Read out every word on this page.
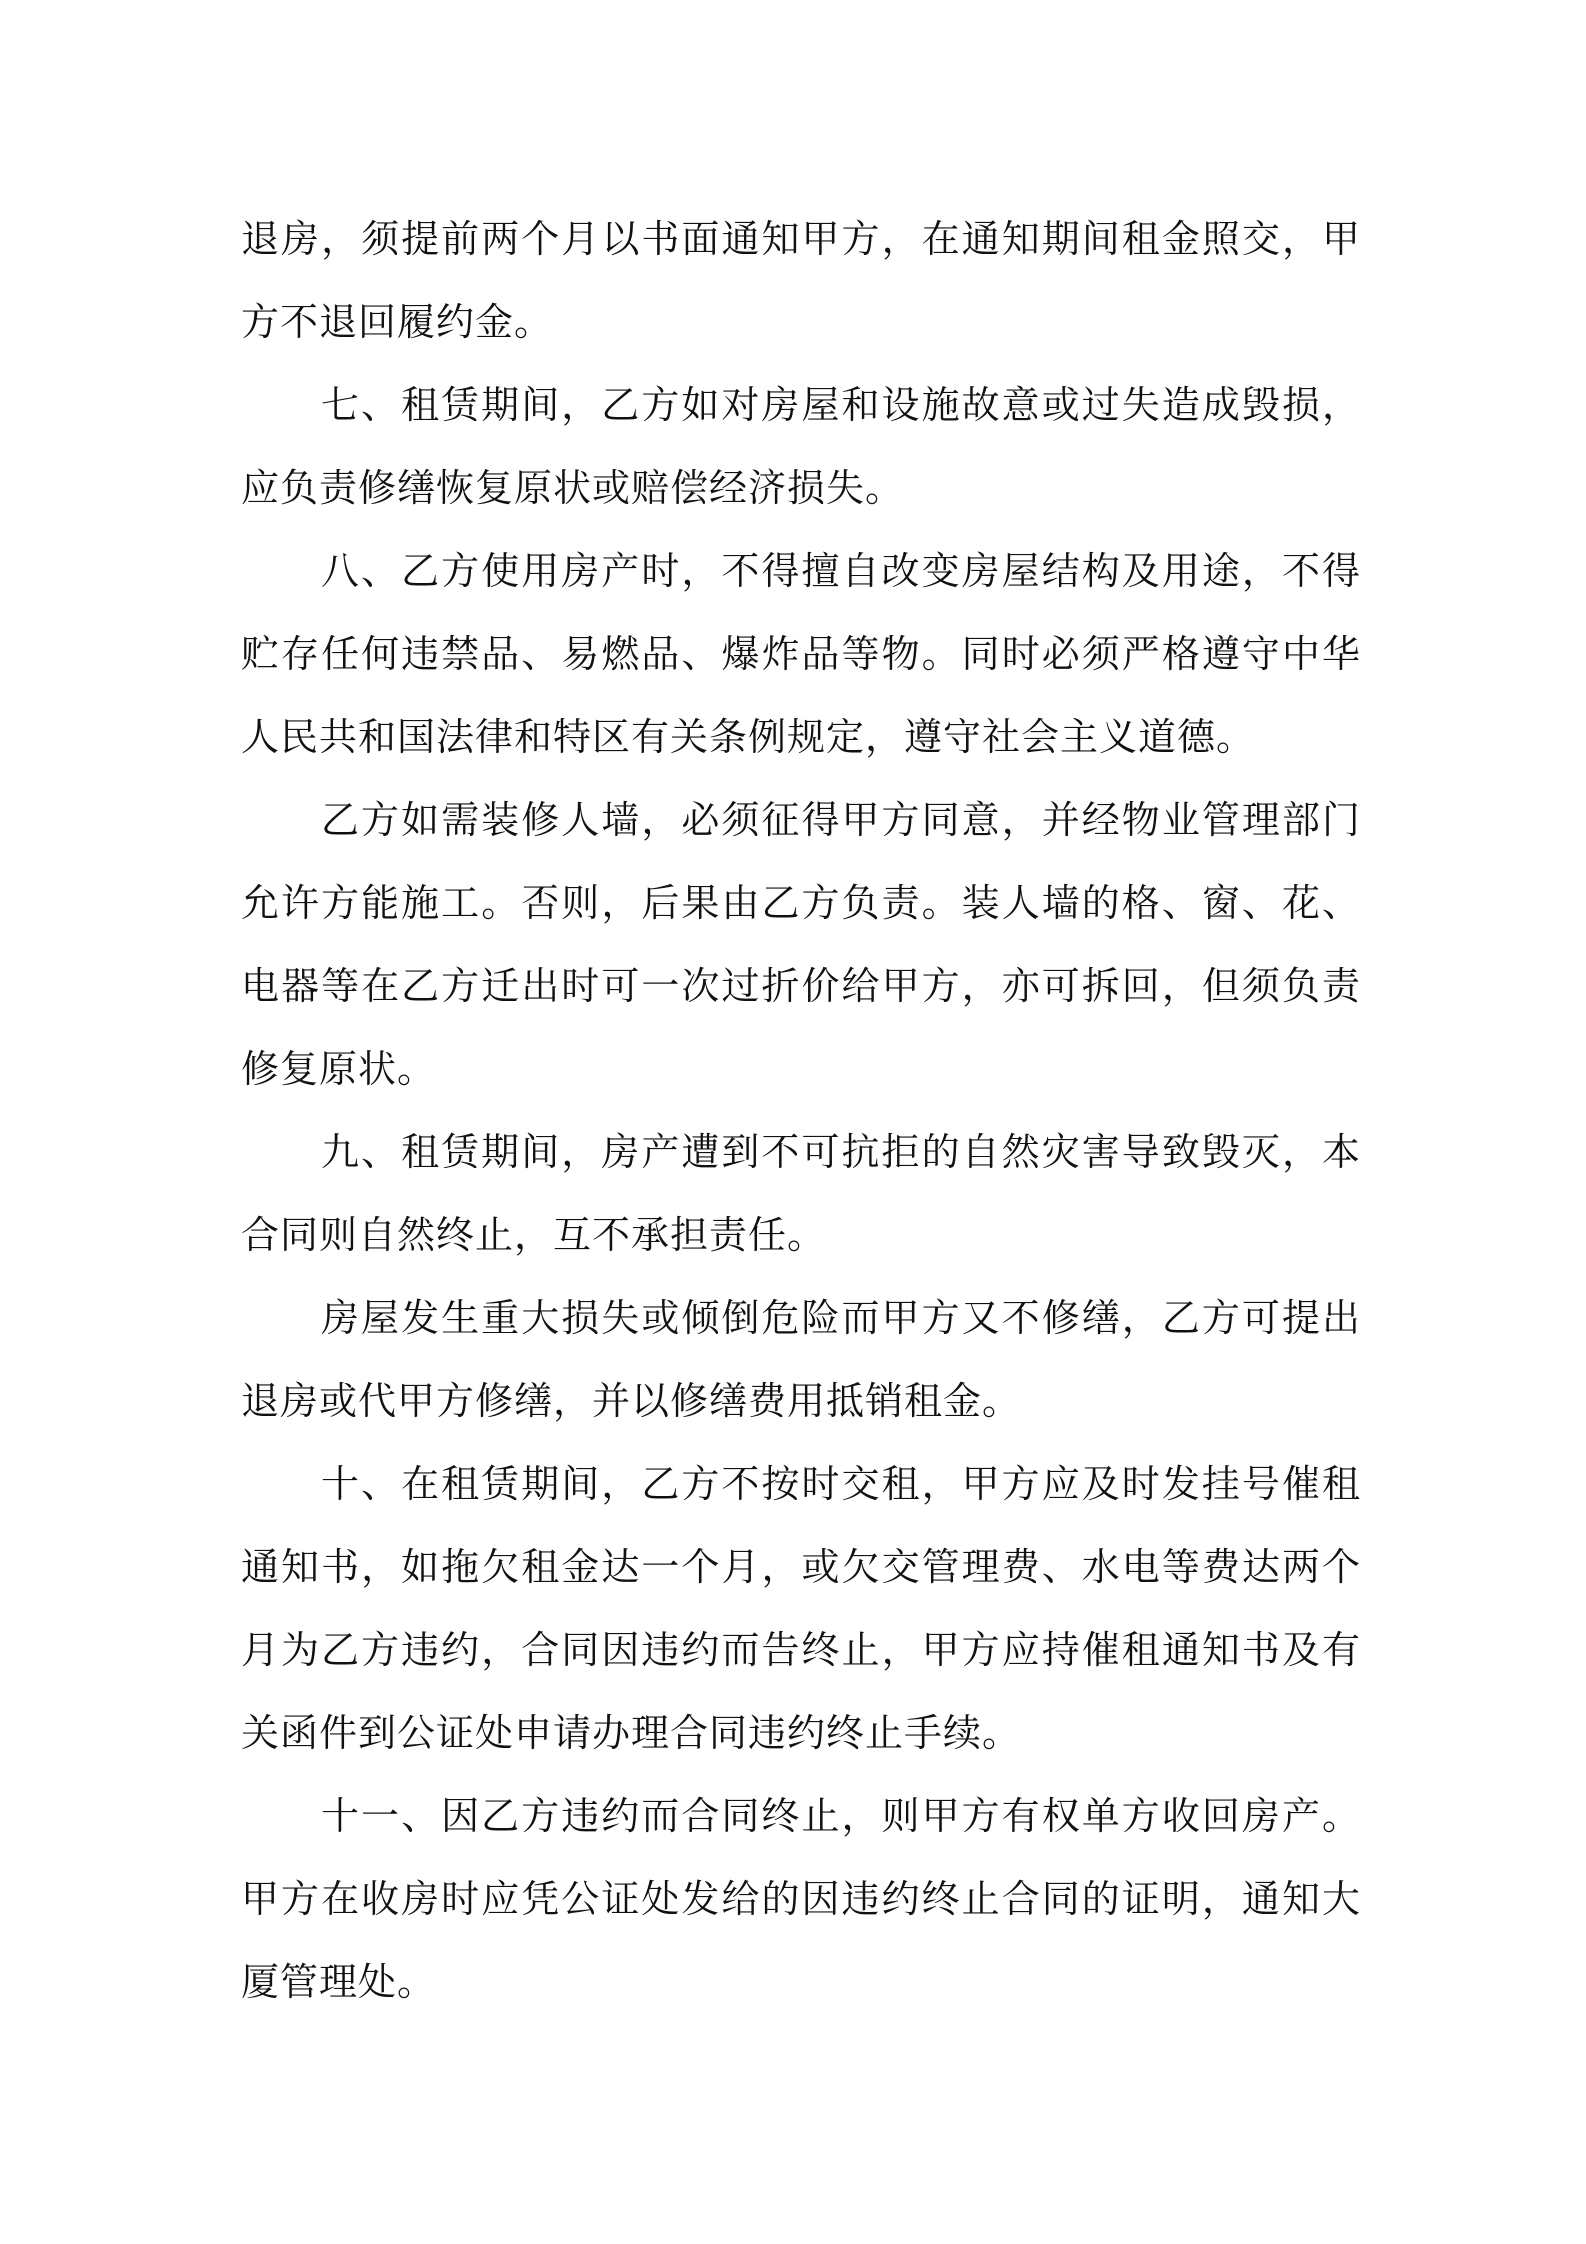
退房，须提前两个月以书面通知甲方，在通知期间租金照交，甲方不退回履约金。

七、租赁期间，乙方如对房屋和设施故意或过失造成毁损，应负责修缮恢复原状或赔偿经济损失。

八、乙方使用房产时，不得擅自改变房屋结构及用途，不得贮存任何违禁品、易燃品、爆炸品等物。同时必须严格遵守中华人民共和国法律和特区有关条例规定，遵守社会主义道德。

乙方如需装修人墙，必须征得甲方同意，并经物业管理部门允许方能施工。否则，后果由乙方负责。装人墙的格、窗、花、电器等在乙方迁出时可一次过折价给甲方，亦可拆回，但须负责修复原状。

九、租赁期间，房产遭到不可抗拒的自然灾害导致毁灭，本合同则自然终止，互不承担责任。

房屋发生重大损失或倾倒危险而甲方又不修缮，乙方可提出退房或代甲方修缮，并以修缮费用抵销租金。

十、在租赁期间，乙方不按时交租，甲方应及时发挂号催租通知书，如拖欠租金达一个月，或欠交管理费、水电等费达两个月为乙方违约，合同因违约而告终止，甲方应持催租通知书及有关函件到公证处申请办理合同违约终止手续。

十一、因乙方违约而合同终止，则甲方有权单方收回房产。甲方在收房时应凭公证处发给的因违约终止合同的证明，通知大厦管理处。
